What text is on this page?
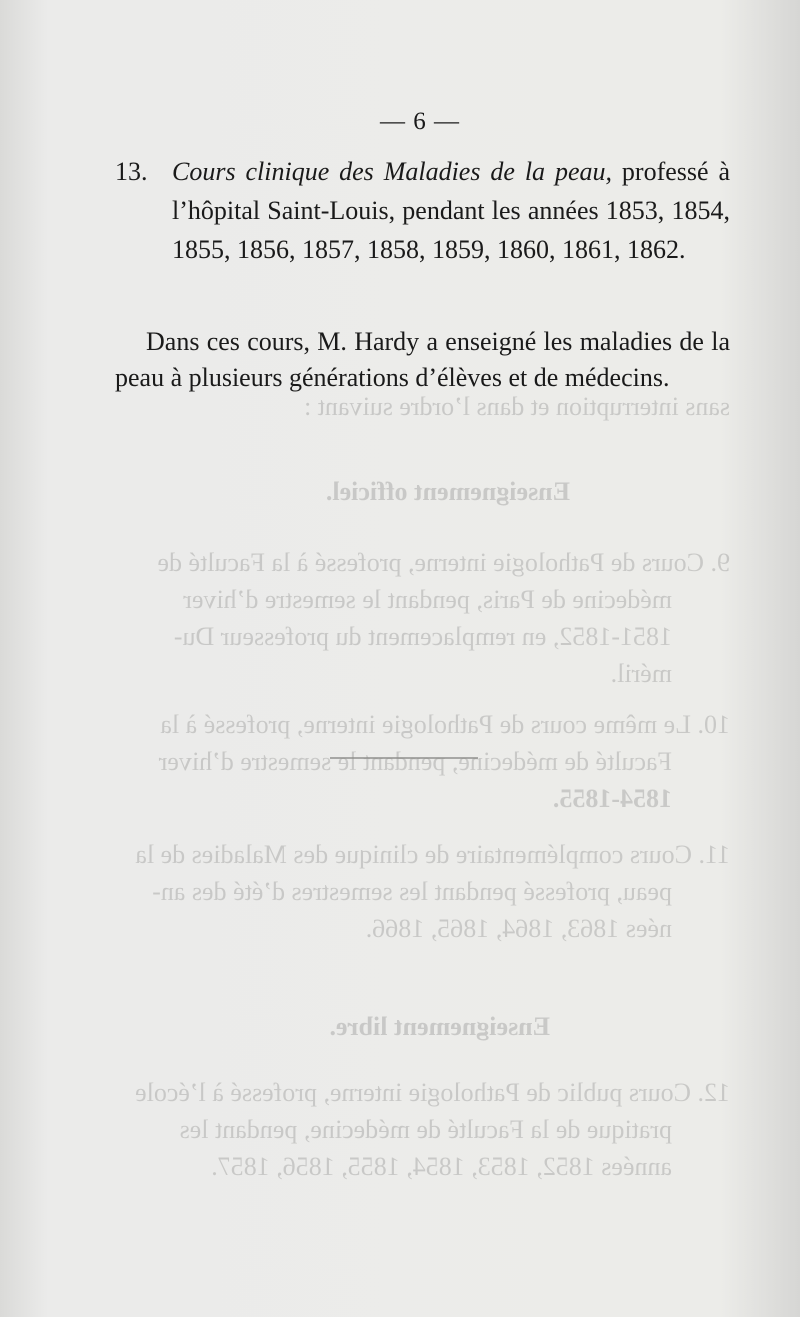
sans interruption et dans l’ordre suivant :
Enseignement officiel.
9. Cours de Pathologie interne, professé à la Faculté de
médecine de Paris, pendant le semestre d’hiver
1851-1852, en remplacement du professeur Du-
méril.
10. Le même cours de Pathologie interne, professé à la
Faculté de médecine, pendant le semestre d’hiver
1854-1855.
11. Cours complémentaire de clinique des Maladies de la
peau, professé pendant les semestres d’été des an-
nées 1863, 1864, 1865, 1866.
Enseignement libre.
12. Cours public de Pathologie interne, professé à l’école
pratique de la Faculté de médecine, pendant les
années 1852, 1853, 1854, 1855, 1856, 1857.
— 6 —
13. Cours clinique des Maladies de la peau, professé à l’hôpital Saint-Louis, pendant les années 1853, 1854, 1855, 1856, 1857, 1858, 1859, 1860, 1861, 1862.
Dans ces cours, M. Hardy a enseigné les maladies de la peau à plusieurs générations d’élèves et de médecins.
